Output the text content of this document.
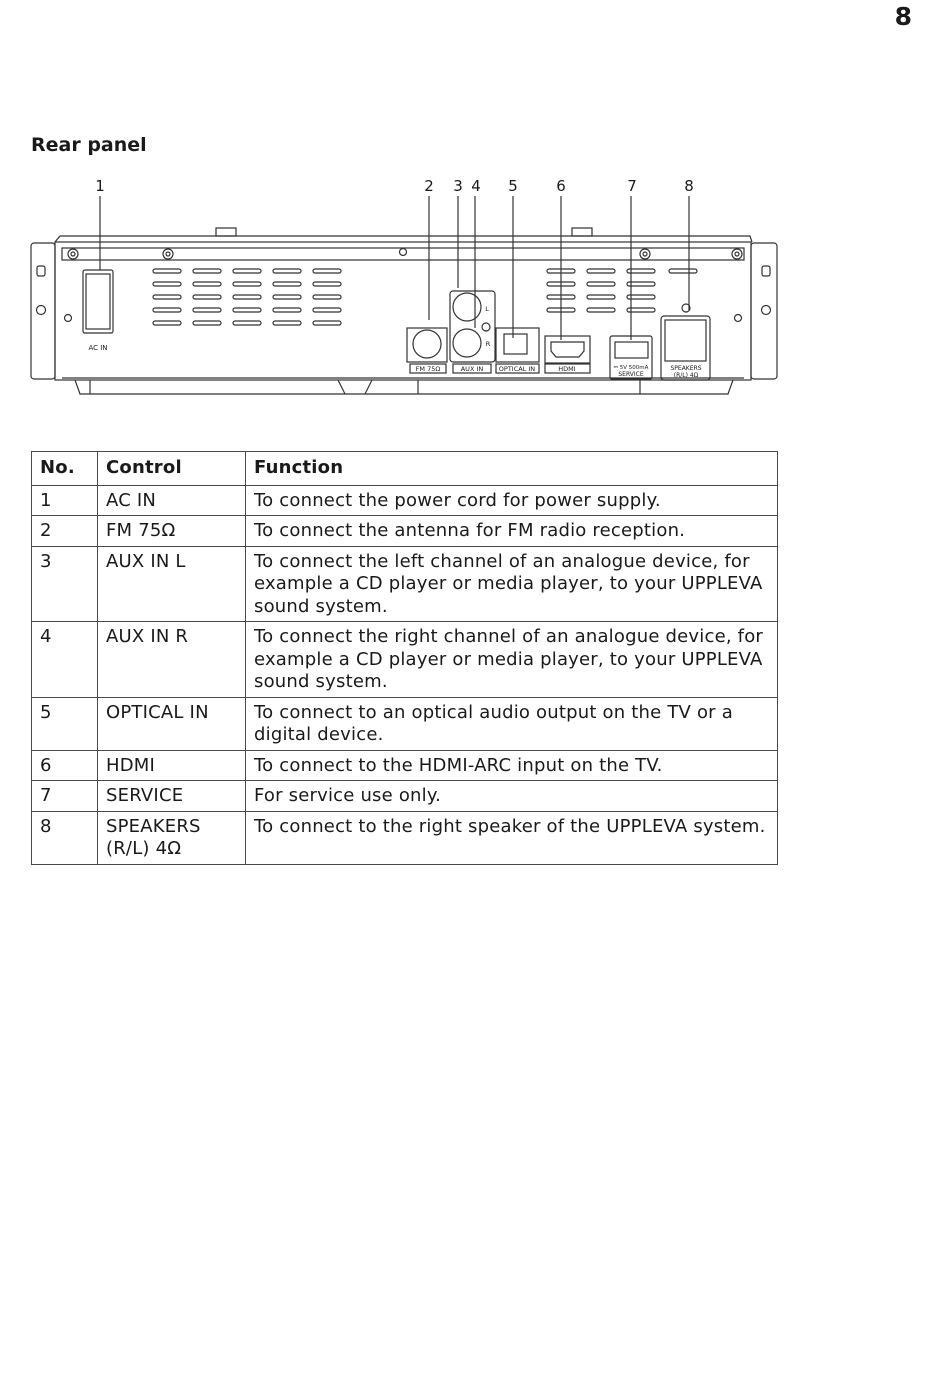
8
Rear panel
1	2 3 4 5	6	7	8
AC IN
FM 75Ω	AUX IN
L
R
OPTICAL IN	HDMI	⎓ 5V 500mA
SERVICE
SPEAKERS
(R/L) 4Ω
No.	Control	Function
1	AC IN	To connect the power cord for power supply.
2	FM 75Ω	To connect the antenna for FM radio reception.
3	AUX IN L	To connect the left channel of an analogue device, for example a CD player or media player, to your UPPLEVA sound system.
4	AUX IN R	To connect the right channel of an analogue device, for example a CD player or media player, to your UPPLEVA sound system.
5	OPTICAL IN	To connect to an optical audio output on the TV or a digital device.
6	HDMI	To connect to the HDMI-ARC input on the TV.
7	SERVICE	For service use only.
8	SPEAKERS (R/L) 4Ω	To connect to the right speaker of the UPPLEVA system.
